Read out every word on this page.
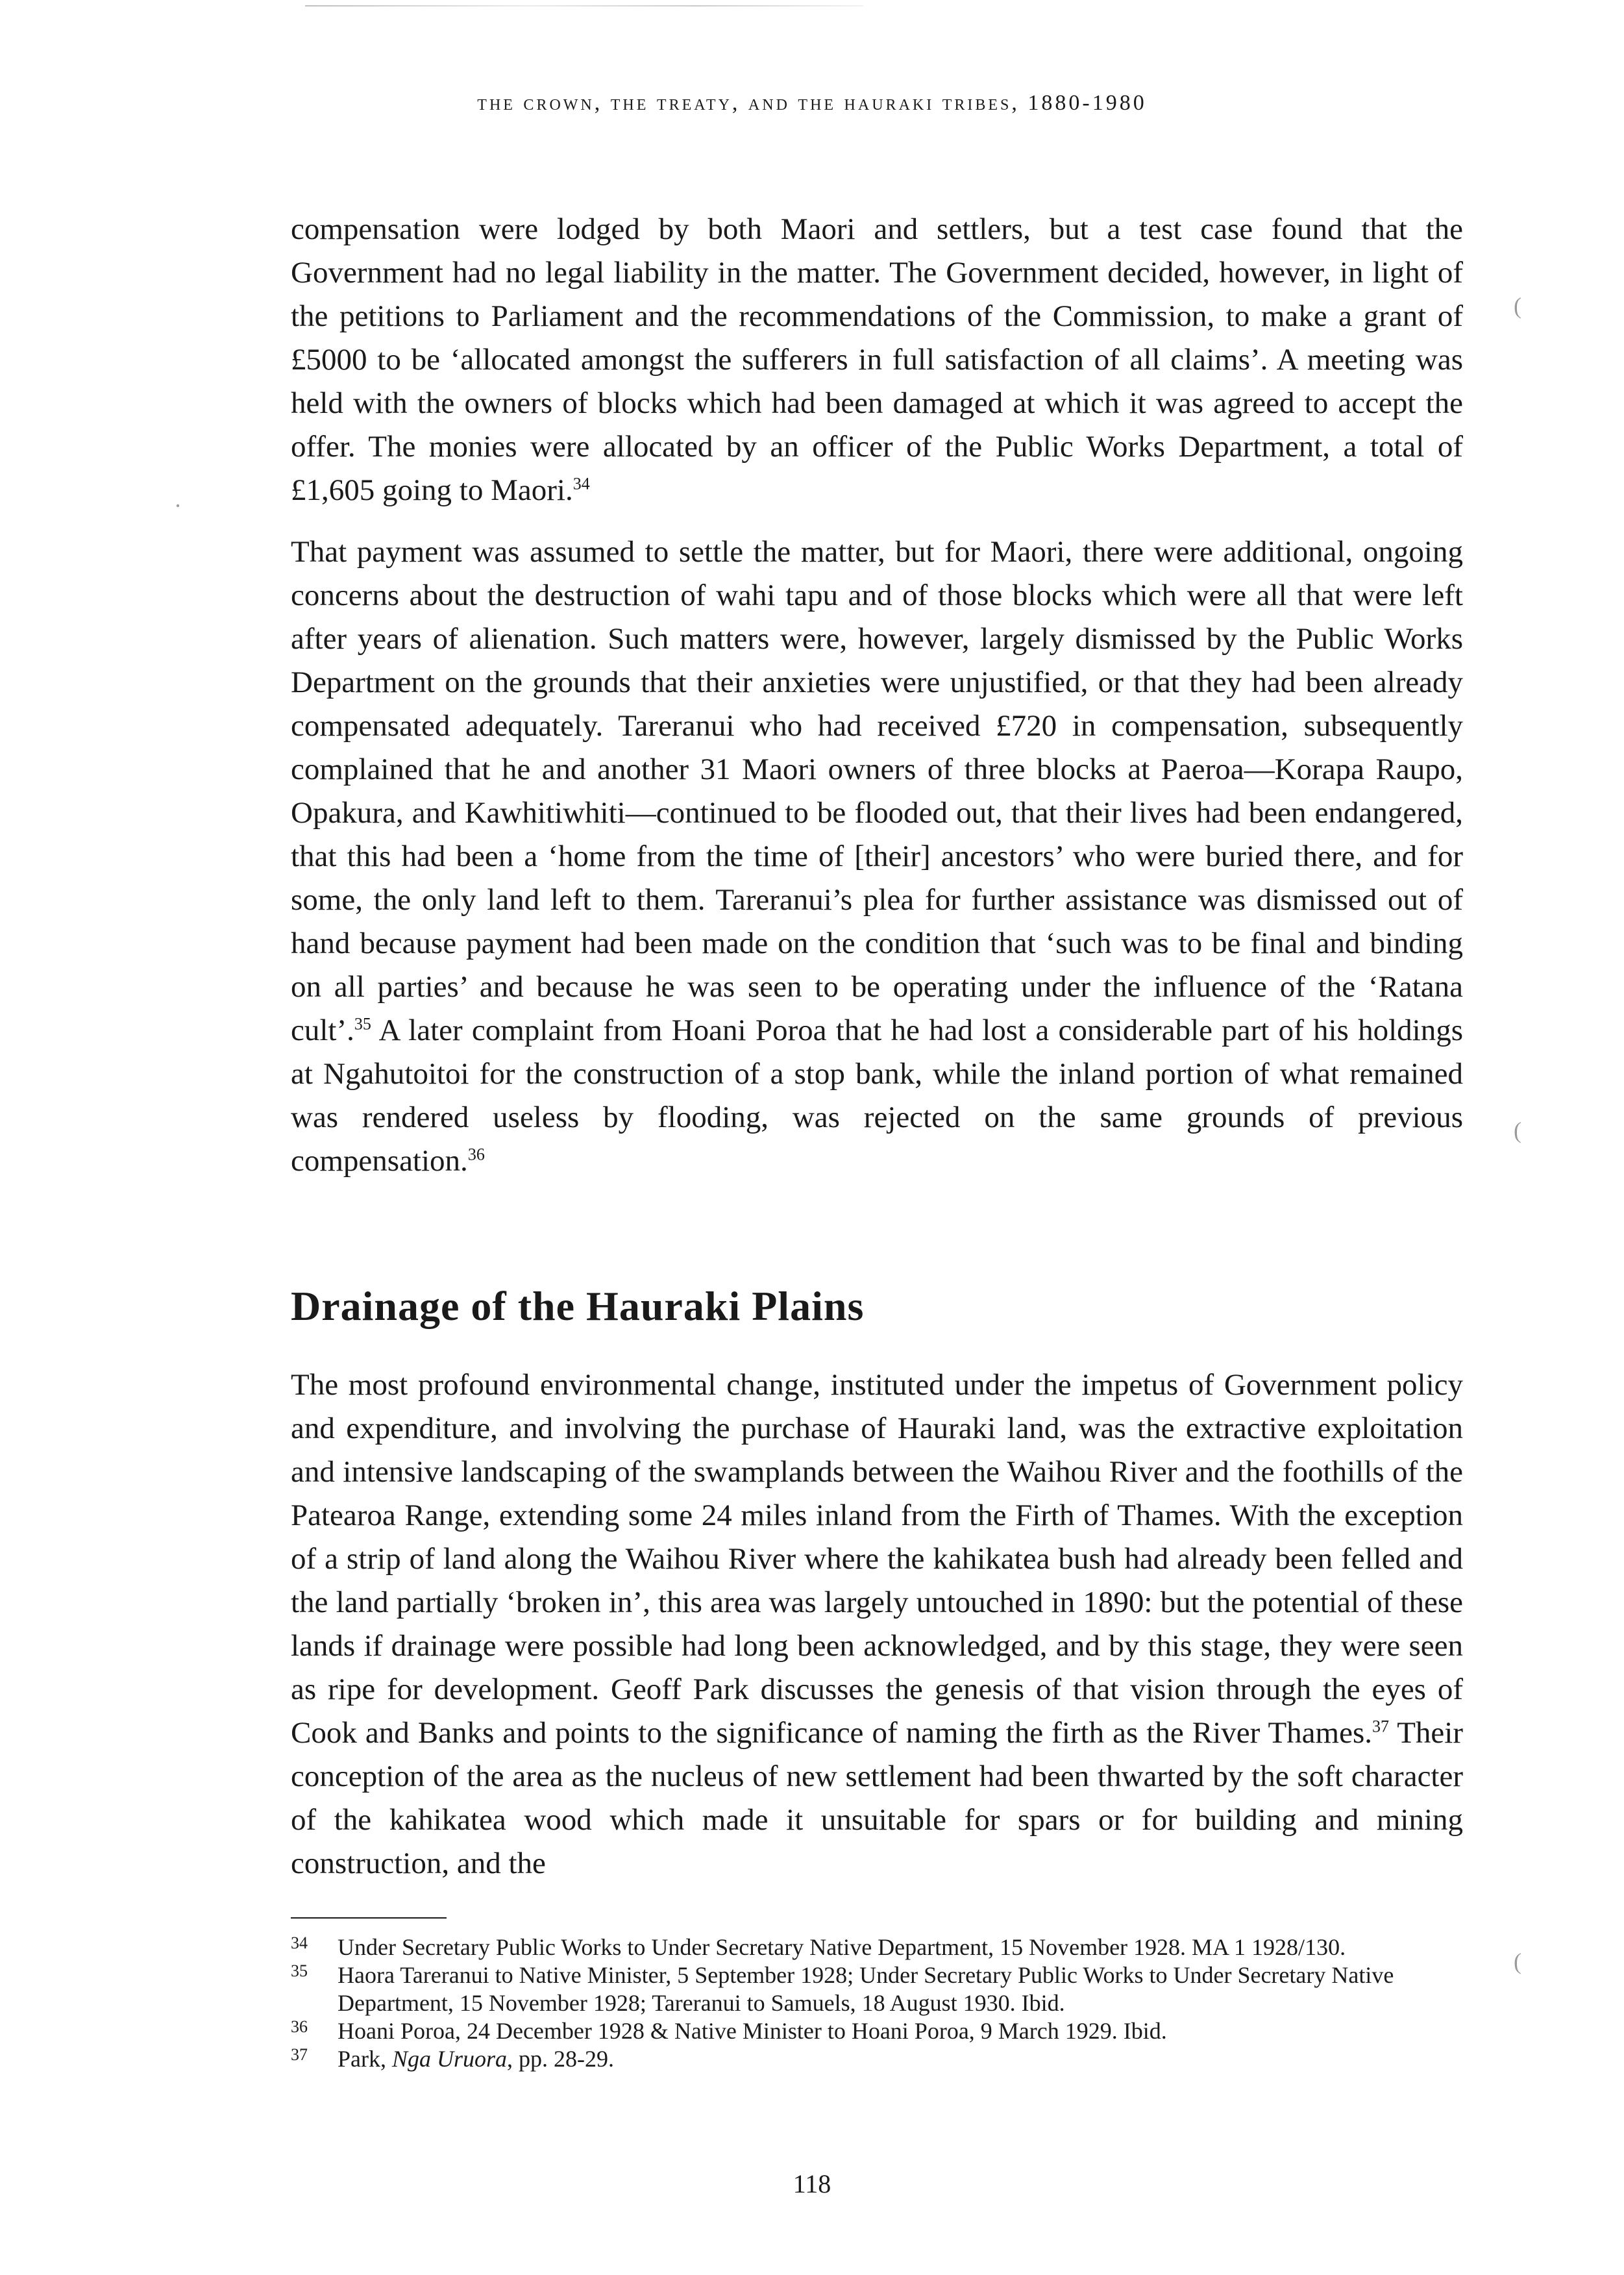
the crown, the treaty, and the hauraki tribes, 1880-1980

compensation were lodged by both Maori and settlers, but a test case found that the Government had no legal liability in the matter. The Government decided, however, in light of the petitions to Parliament and the recommendations of the Commission, to make a grant of £5000 to be ‘allocated amongst the sufferers in full satisfaction of all claims’. A meeting was held with the owners of blocks which had been damaged at which it was agreed to accept the offer. The monies were allocated by an officer of the Public Works Department, a total of £1,605 going to Maori.$^{34}$

That payment was assumed to settle the matter, but for Maori, there were additional, ongoing concerns about the destruction of wahi tapu and of those blocks which were all that were left after years of alienation. Such matters were, however, largely dismissed by the Public Works Department on the grounds that their anxieties were unjustified, or that they had been already compensated adequately. Tareranui who had received £720 in compensation, subsequently complained that he and another 31 Maori owners of three blocks at Paeroa—Korapa Raupo, Opakura, and Kawhitiwhiti—continued to be flooded out, that their lives had been endangered, that this had been a ‘home from the time of [their] ancestors’ who were buried there, and for some, the only land left to them. Tareranui’s plea for further assistance was dismissed out of hand because payment had been made on the condition that ‘such was to be final and binding on all parties’ and because he was seen to be operating under the influence of the ‘Ratana cult’.$^{35}$ A later complaint from Hoani Poroa that he had lost a considerable part of his holdings at Ngahutoitoi for the construction of a stop bank, while the inland portion of what remained was rendered useless by flooding, was rejected on the same grounds of previous compensation.$^{36}$

Drainage of the Hauraki Plains

The most profound environmental change, instituted under the impetus of Government policy and expenditure, and involving the purchase of Hauraki land, was the extractive exploitation and intensive landscaping of the swamplands between the Waihou River and the foothills of the Patearoa Range, extending some 24 miles inland from the Firth of Thames. With the exception of a strip of land along the Waihou River where the kahikatea bush had already been felled and the land partially ‘broken in’, this area was largely untouched in 1890: but the potential of these lands if drainage were possible had long been acknowledged, and by this stage, they were seen as ripe for development. Geoff Park discusses the genesis of that vision through the eyes of Cook and Banks and points to the significance of naming the firth as the River Thames.$^{37}$ Their conception of the area as the nucleus of new settlement had been thwarted by the soft character of the kahikatea wood which made it unsuitable for spars or for building and mining construction, and the

34	Under Secretary Public Works to Under Secretary Native Department, 15 November 1928. MA 1 1928/130.
35	Haora Tareranui to Native Minister, 5 September 1928; Under Secretary Public Works to Under Secretary Native Department, 15 November 1928; Tareranui to Samuels, 18 August 1930. Ibid.
36	Hoani Poroa, 24 December 1928 & Native Minister to Hoani Poroa, 9 March 1929. Ibid.
37	Park, Nga Uruora, pp. 28-29.
118
(
(
(
·
